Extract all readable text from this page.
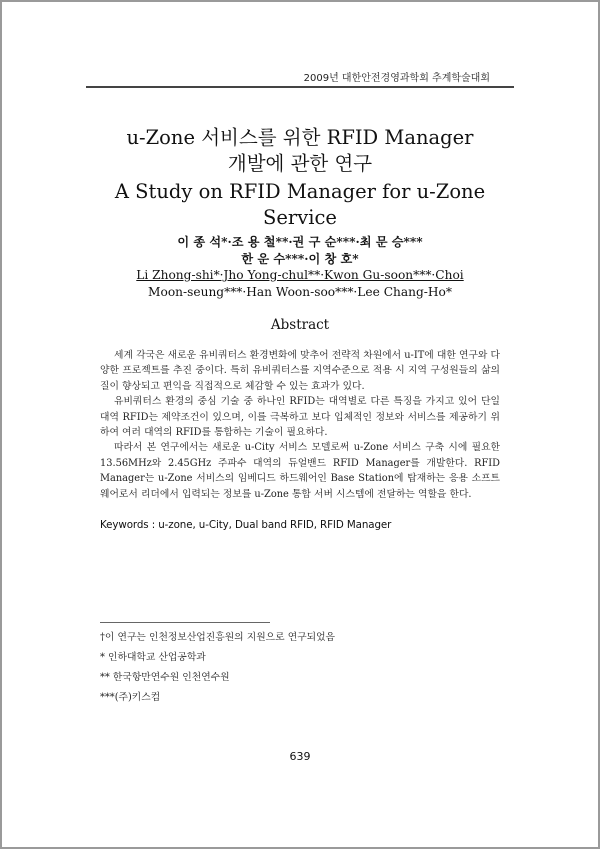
2009년 대한안전경영과학회 추계학술대회
u-Zone 서비스를 위한 RFID Manager
개발에 관한 연구
A Study on RFID Manager for u-Zone Service
이 종 석*·조 용 철**·권 구 순***·최 문 승***
한 운 수***·이 창 호*
Li Zhong-shi*·Jho Yong-chul**·Kwon Gu-soon***·Choi
Moon-seung***·Han Woon-soo***·Lee Chang-Ho*
Abstract

세계 각국은 새로운 유비쿼터스 환경변화에 맞추어 전략적 차원에서 u-IT에 대한 연구와 다양한 프로젝트를 추진 중이다. 특히 유비쿼터스를 지역수준으로 적용 시 지역 구성원들의 삶의 질이 향상되고 편익을 직접적으로 체감할 수 있는 효과가 있다.

유비쿼터스 환경의 중심 기술 중 하나인 RFID는 대역별로 다른 특징을 가지고 있어 단일 대역 RFID는 제약조건이 있으며, 이를 극복하고 보다 입체적인 정보와 서비스를 제공하기 위하여 여러 대역의 RFID를 통합하는 기술이 필요하다.

따라서 본 연구에서는 새로운 u-City 서비스 모델로써 u-Zone 서비스 구축 시에 필요한 13.56MHz와 2.45GHz 주파수 대역의 듀얼밴드 RFID Manager를 개발한다. RFID Manager는 u-Zone 서비스의 임베디드 하드웨어인 Base Station에 탑재하는 응용 소프트웨어로서 리더에서 입력되는 정보를 u-Zone 통합 서버 시스템에 전달하는 역할을 한다.

Keywords : u-zone, u-City, Dual band RFID, RFID Manager
†이 연구는 인천정보산업진흥원의 지원으로 연구되었음
* 인하대학교 산업공학과
** 한국항만연수원 인천연수원
***(주)키스컴
639
